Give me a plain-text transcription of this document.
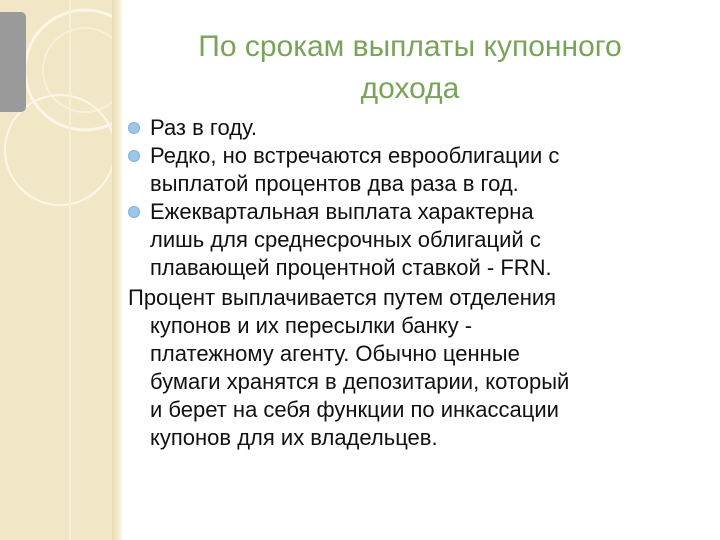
По срокам выплаты купонного
дохода
Раз в году.
Редко, но встречаются еврооблигации с
выплатой процентов два раза в год.
Ежеквартальная выплата характерна
лишь для среднесрочных облигаций с
плавающей процентной ставкой - FRN.
Процент выплачивается путем отделения
купонов и их пересылки банку -
платежному агенту. Обычно ценные
бумаги хранятся в депозитарии, который
и берет на себя функции по инкассации
купонов для их владельцев.
